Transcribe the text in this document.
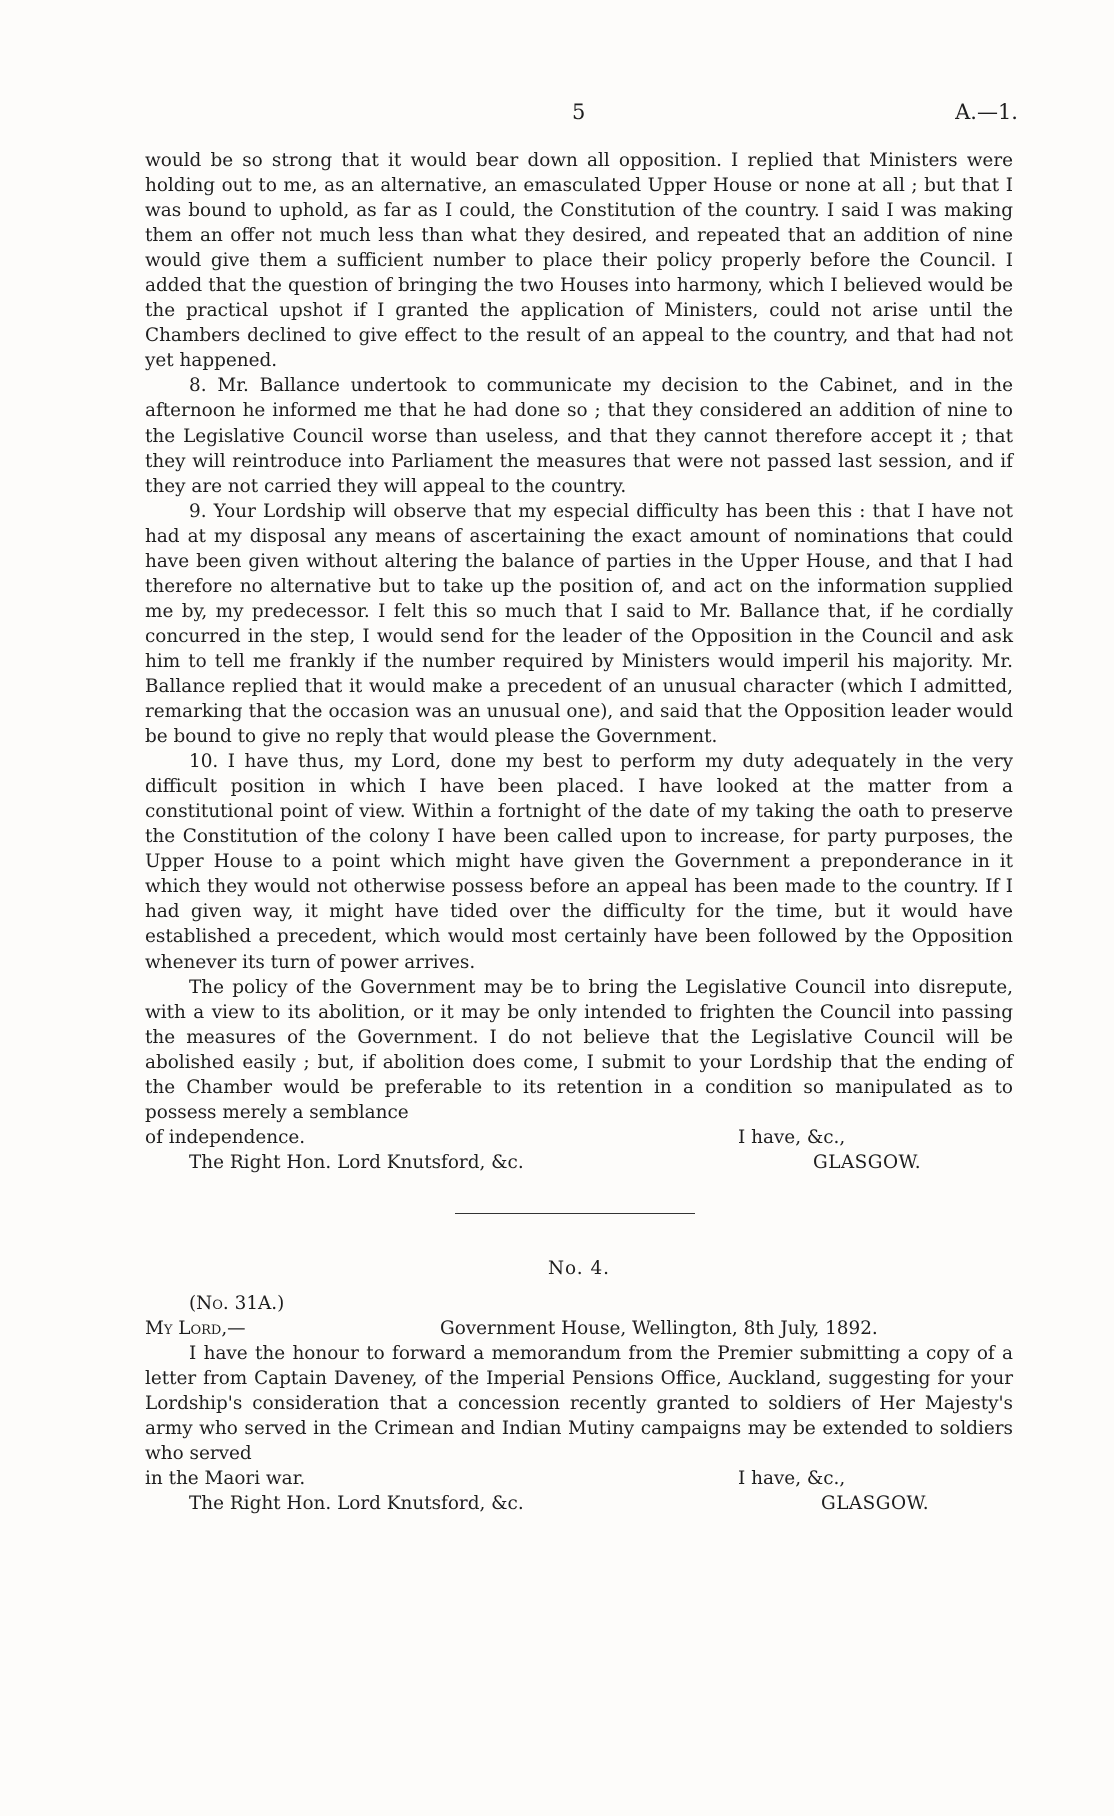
5	A.—1.

would be so strong that it would bear down all opposition. I replied that Ministers were holding out to me, as an alternative, an emasculated Upper House or none at all ; but that I was bound to uphold, as far as I could, the Constitution of the country. I said I was making them an offer not much less than what they desired, and repeated that an addition of nine would give them a sufficient number to place their policy properly before the Council. I added that the question of bringing the two Houses into harmony, which I believed would be the practical upshot if I granted the application of Ministers, could not arise until the Chambers declined to give effect to the result of an appeal to the country, and that had not yet happened.

8. Mr. Ballance undertook to communicate my decision to the Cabinet, and in the afternoon he informed me that he had done so ; that they considered an addition of nine to the Legislative Council worse than useless, and that they cannot therefore accept it ; that they will reintroduce into Parliament the measures that were not passed last session, and if they are not carried they will appeal to the country.

9. Your Lordship will observe that my especial difficulty has been this : that I have not had at my disposal any means of ascertaining the exact amount of nominations that could have been given without altering the balance of parties in the Upper House, and that I had therefore no alternative but to take up the position of, and act on the information supplied me by, my predecessor. I felt this so much that I said to Mr. Ballance that, if he cordially concurred in the step, I would send for the leader of the Opposition in the Council and ask him to tell me frankly if the number required by Ministers would imperil his majority. Mr. Ballance replied that it would make a precedent of an unusual character (which I admitted, remarking that the occasion was an unusual one), and said that the Opposition leader would be bound to give no reply that would please the Government.

10. I have thus, my Lord, done my best to perform my duty adequately in the very difficult position in which I have been placed. I have looked at the matter from a constitutional point of view. Within a fortnight of the date of my taking the oath to preserve the Constitution of the colony I have been called upon to increase, for party purposes, the Upper House to a point which might have given the Government a preponderance in it which they would not otherwise possess before an appeal has been made to the country. If I had given way, it might have tided over the difficulty for the time, but it would have established a precedent, which would most certainly have been followed by the Opposition whenever its turn of power arrives.

The policy of the Government may be to bring the Legislative Council into disrepute, with a view to its abolition, or it may be only intended to frighten the Council into passing the measures of the Government. I do not believe that the Legislative Council will be abolished easily ; but, if abolition does come, I submit to your Lordship that the ending of the Chamber would be preferable to its retention in a condition so manipulated as to possess merely a semblance

of independence.	I have, &c.,
The Right Hon. Lord Knutsford, &c.	GLASGOW.
No. 4.
(No. 31A.)
My Lord,—	Government House, Wellington, 8th July, 1892.

I have the honour to forward a memorandum from the Premier submitting a copy of a letter from Captain Daveney, of the Imperial Pensions Office, Auckland, suggesting for your Lordship's consideration that a concession recently granted to soldiers of Her Majesty's army who served in the Crimean and Indian Mutiny campaigns may be extended to soldiers who served

in the Maori war.	I have, &c.,
The Right Hon. Lord Knutsford, &c.	GLASGOW.
